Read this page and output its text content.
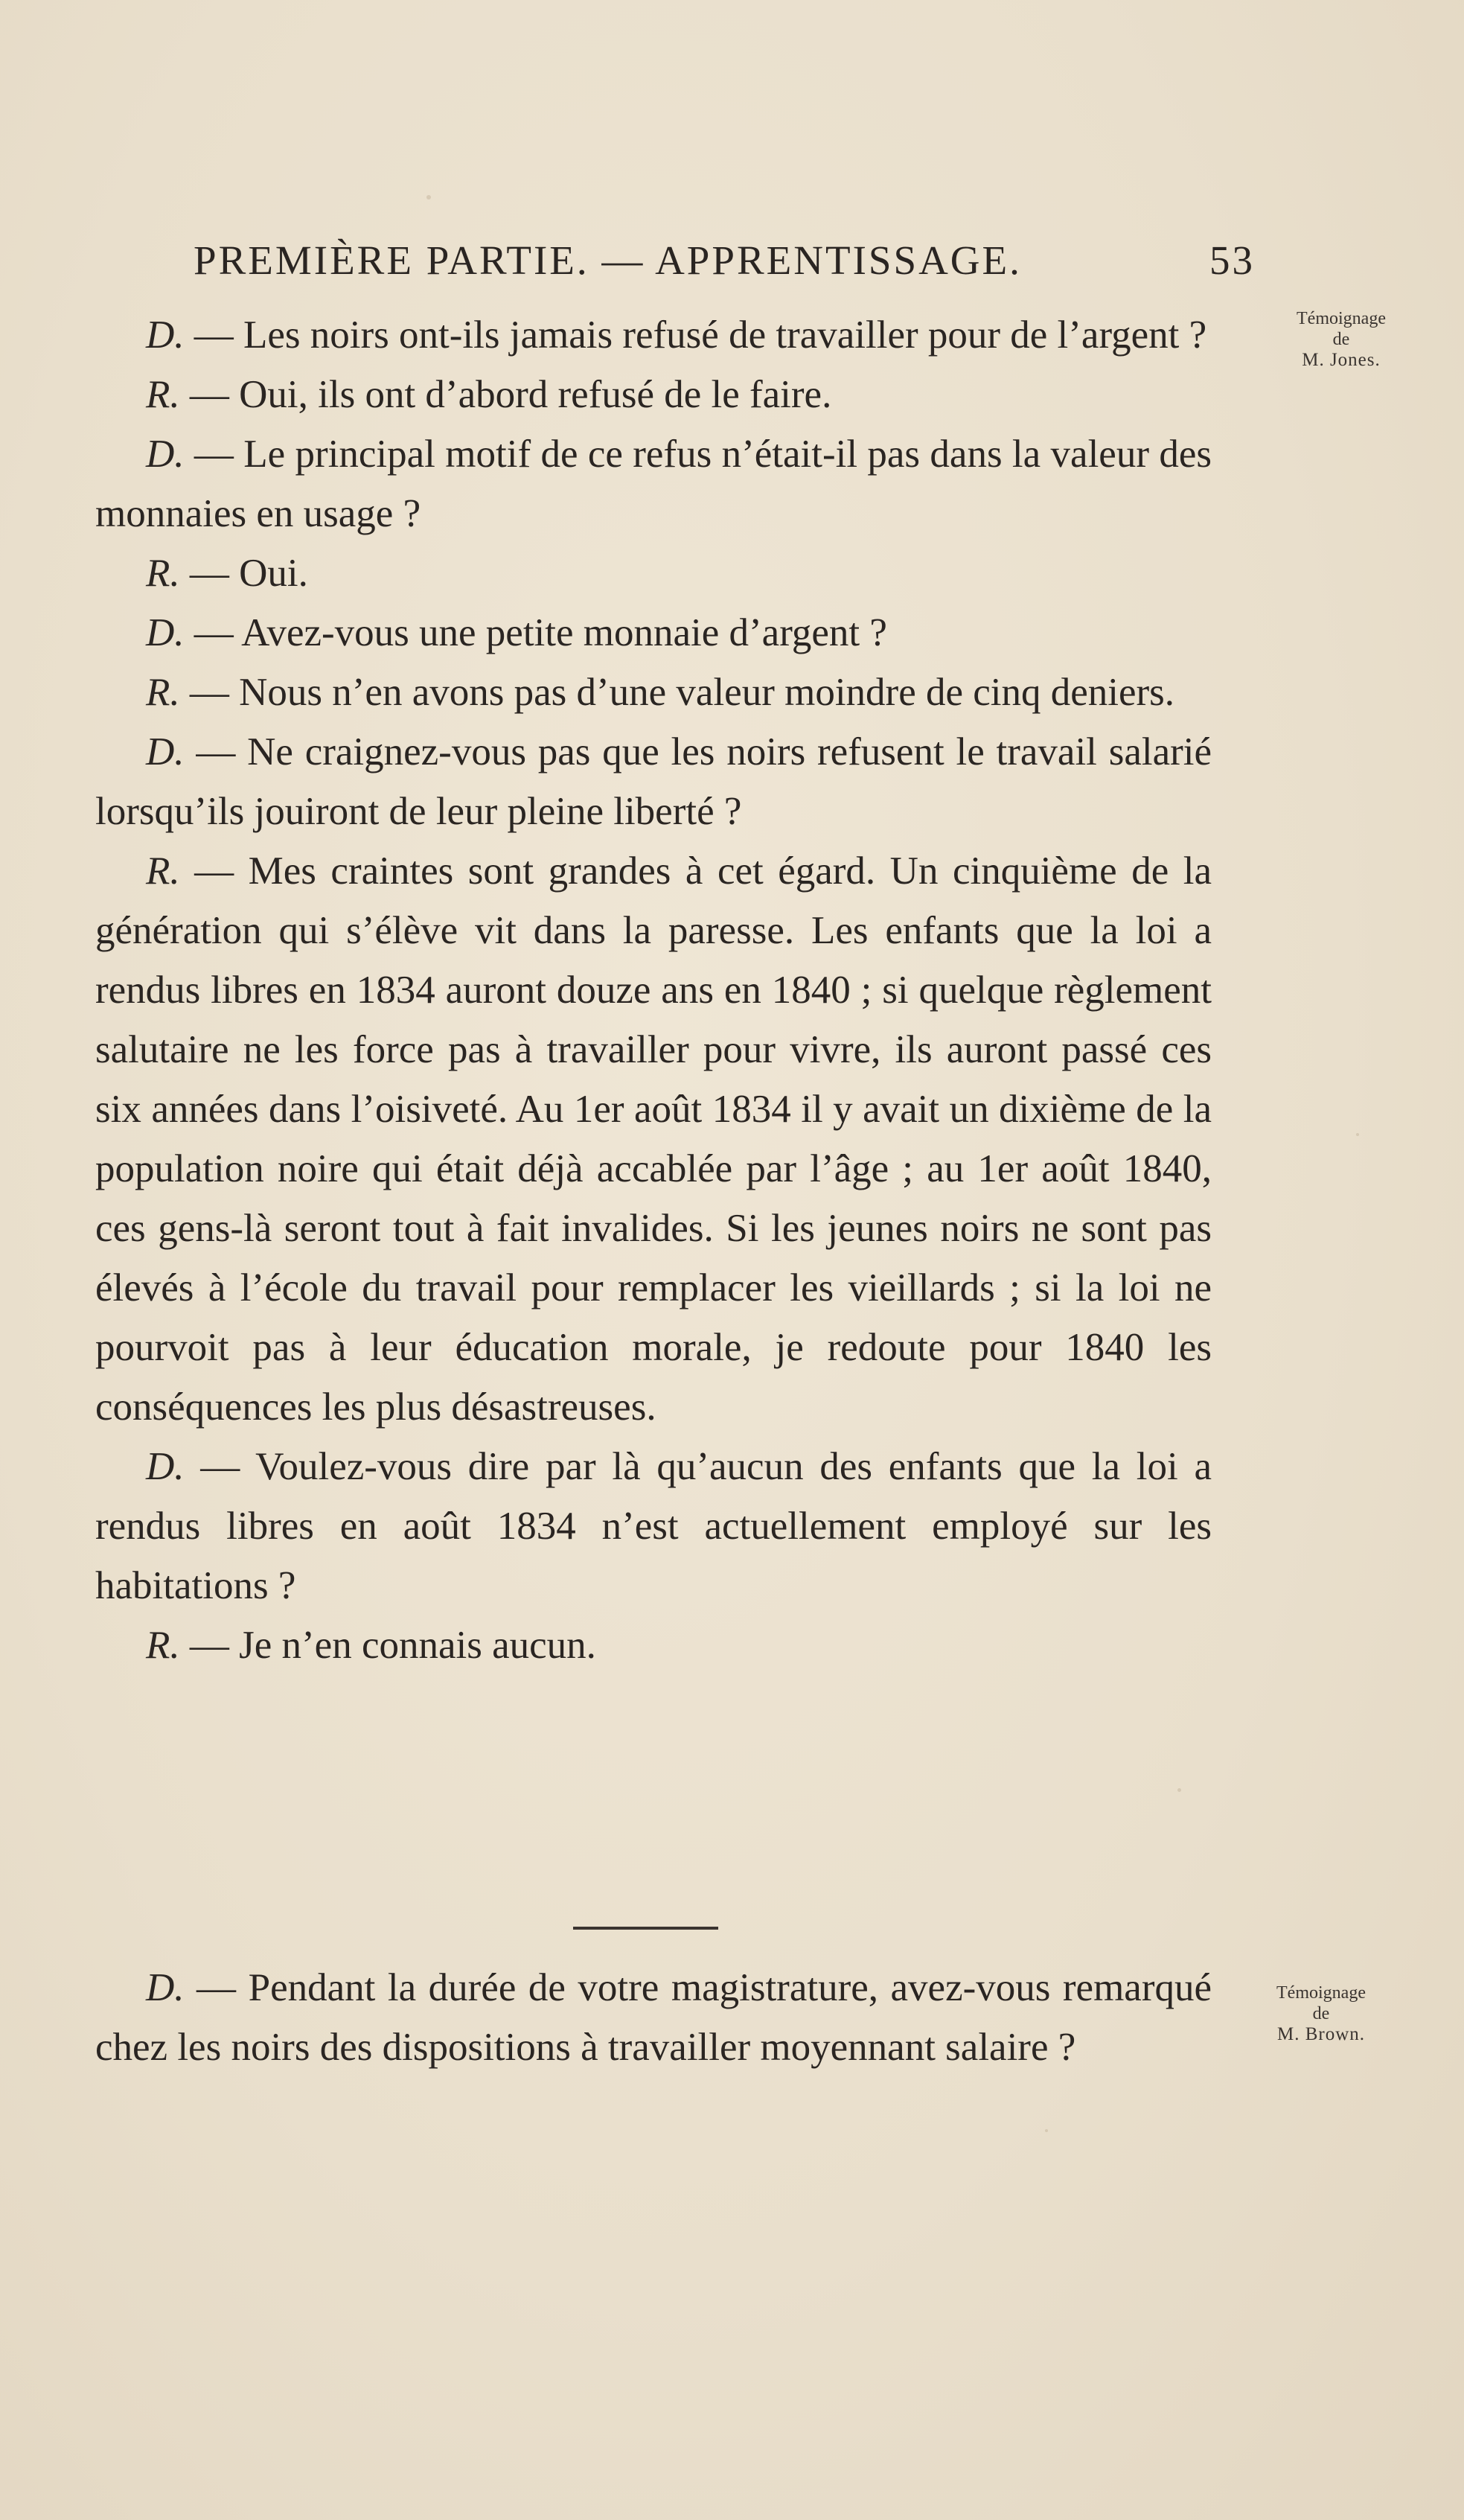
PREMIÈRE PARTIE. — APPRENTISSAGE.	53
Témoignage
de
M. Jones.

D. — Les noirs ont-ils jamais refusé de travailler pour de l’argent ?

R. — Oui, ils ont d’abord refusé de le faire.

D. — Le principal motif de ce refus n’était-il pas dans la valeur des monnaies en usage ?

R. — Oui.

D. — Avez-vous une petite monnaie d’argent ?

R. — Nous n’en avons pas d’une valeur moindre de cinq deniers.

D. — Ne craignez-vous pas que les noirs refusent le travail salarié lorsqu’ils jouiront de leur pleine liberté ?

R. — Mes craintes sont grandes à cet égard. Un cinquième de la génération qui s’élève vit dans la paresse. Les enfants que la loi a rendus libres en 1834 auront douze ans en 1840 ; si quelque règlement salutaire ne les force pas à travailler pour vivre, ils auront passé ces six années dans l’oisiveté. Au 1er août 1834 il y avait un dixième de la population noire qui était déjà accablée par l’âge ; au 1er août 1840, ces gens-là seront tout à fait invalides. Si les jeunes noirs ne sont pas élevés à l’école du travail pour remplacer les vieillards ; si la loi ne pourvoit pas à leur éducation morale, je redoute pour 1840 les conséquences les plus désastreuses.

D. — Voulez-vous dire par là qu’aucun des enfants que la loi a rendus libres en août 1834 n’est actuellement employé sur les habitations ?

R. — Je n’en connais aucun.

Témoignage
de
M. Brown.

D. — Pendant la durée de votre magistrature, avez-vous remarqué chez les noirs des dispositions à travailler moyennant salaire ?
